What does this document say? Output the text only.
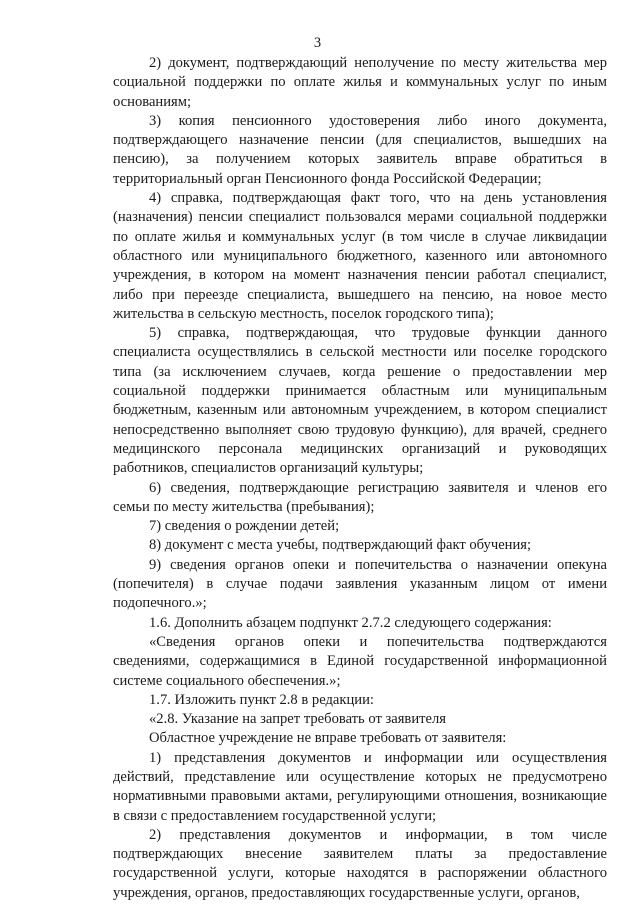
3

2) документ, подтверждающий неполучение по месту жительства мер социальной поддержки по оплате жилья и коммунальных услуг по иным основаниям;

3) копия пенсионного удостоверения либо иного документа, подтверждающего назначение пенсии (для специалистов, вышедших на пенсию), за получением которых заявитель вправе обратиться в территориальный орган Пенсионного фонда Российской Федерации;

4) справка, подтверждающая факт того, что на день установления (назначения) пенсии специалист пользовался мерами социальной поддержки по оплате жилья и коммунальных услуг (в том числе в случае ликвидации областного или муниципального бюджетного, казенного или автономного учреждения, в котором на момент назначения пенсии работал специалист, либо при переезде специалиста, вышедшего на пенсию, на новое место жительства в сельскую местность, поселок городского типа);

5) справка, подтверждающая, что трудовые функции данного специалиста осуществлялись в сельской местности или поселке городского типа (за исключением случаев, когда решение о предоставлении мер социальной поддержки принимается областным или муниципальным бюджетным, казенным или автономным учреждением, в котором специалист непосредственно выполняет свою трудовую функцию), для врачей, среднего медицинского персонала медицинских организаций и руководящих работников, специалистов организаций культуры;

6) сведения, подтверждающие регистрацию заявителя и членов его семьи по месту жительства (пребывания);

7) сведения о рождении детей;

8) документ с места учебы, подтверждающий факт обучения;

9) сведения органов опеки и попечительства о назначении опекуна (попечителя) в случае подачи заявления указанным лицом от имени подопечного.»;

1.6. Дополнить абзацем подпункт 2.7.2 следующего содержания:

«Сведения органов опеки и попечительства подтверждаются сведениями, содержащимися в Единой государственной информационной системе социального обеспечения.»;

1.7. Изложить пункт 2.8 в редакции:

«2.8. Указание на запрет требовать от заявителя

Областное учреждение не вправе требовать от заявителя:

1) представления документов и информации или осуществления действий, представление или осуществление которых не предусмотрено нормативными правовыми актами, регулирующими отношения, возникающие в связи с предоставлением государственной услуги;

2) представления документов и информации, в том числе подтверждающих внесение заявителем платы за предоставление государственной услуги, которые находятся в распоряжении областного учреждения, органов, предоставляющих государственные услуги, органов,
